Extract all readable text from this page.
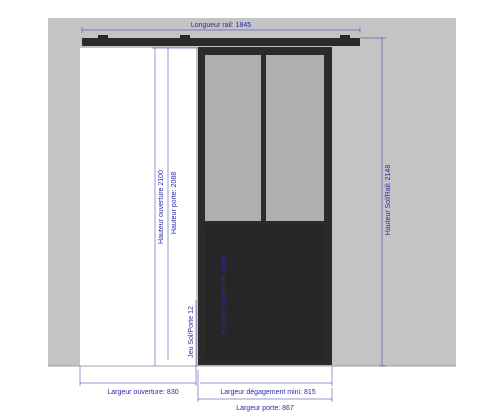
Longueur rail: 1845
Hauteur Sol/Rail: 2148
Hauteur ouverture 2100 Hauteur porte: 2088
Jeu Sol/Porte 12	Poignée cuvette de tirage
Largeur ouverture: 830	Largeur dégagement mini: 815
Largeur porte: 867
